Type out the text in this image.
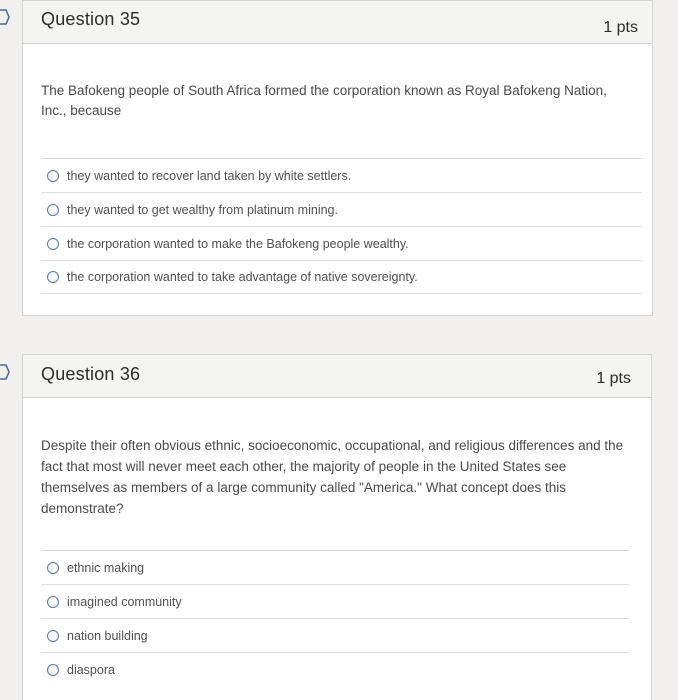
Question 35	1 pts
The Bafokeng people of South Africa formed the corporation known as Royal Bafokeng Nation, Inc., because
they wanted to recover land taken by white settlers.
they wanted to get wealthy from platinum mining.
the corporation wanted to make the Bafokeng people wealthy.
the corporation wanted to take advantage of native sovereignty.
Question 36	1 pts
Despite their often obvious ethnic, socioeconomic, occupational, and religious differences and the fact that most will never meet each other, the majority of people in the United States see themselves as members of a large community called "America." What concept does this demonstrate?
ethnic making
imagined community
nation building
diaspora
